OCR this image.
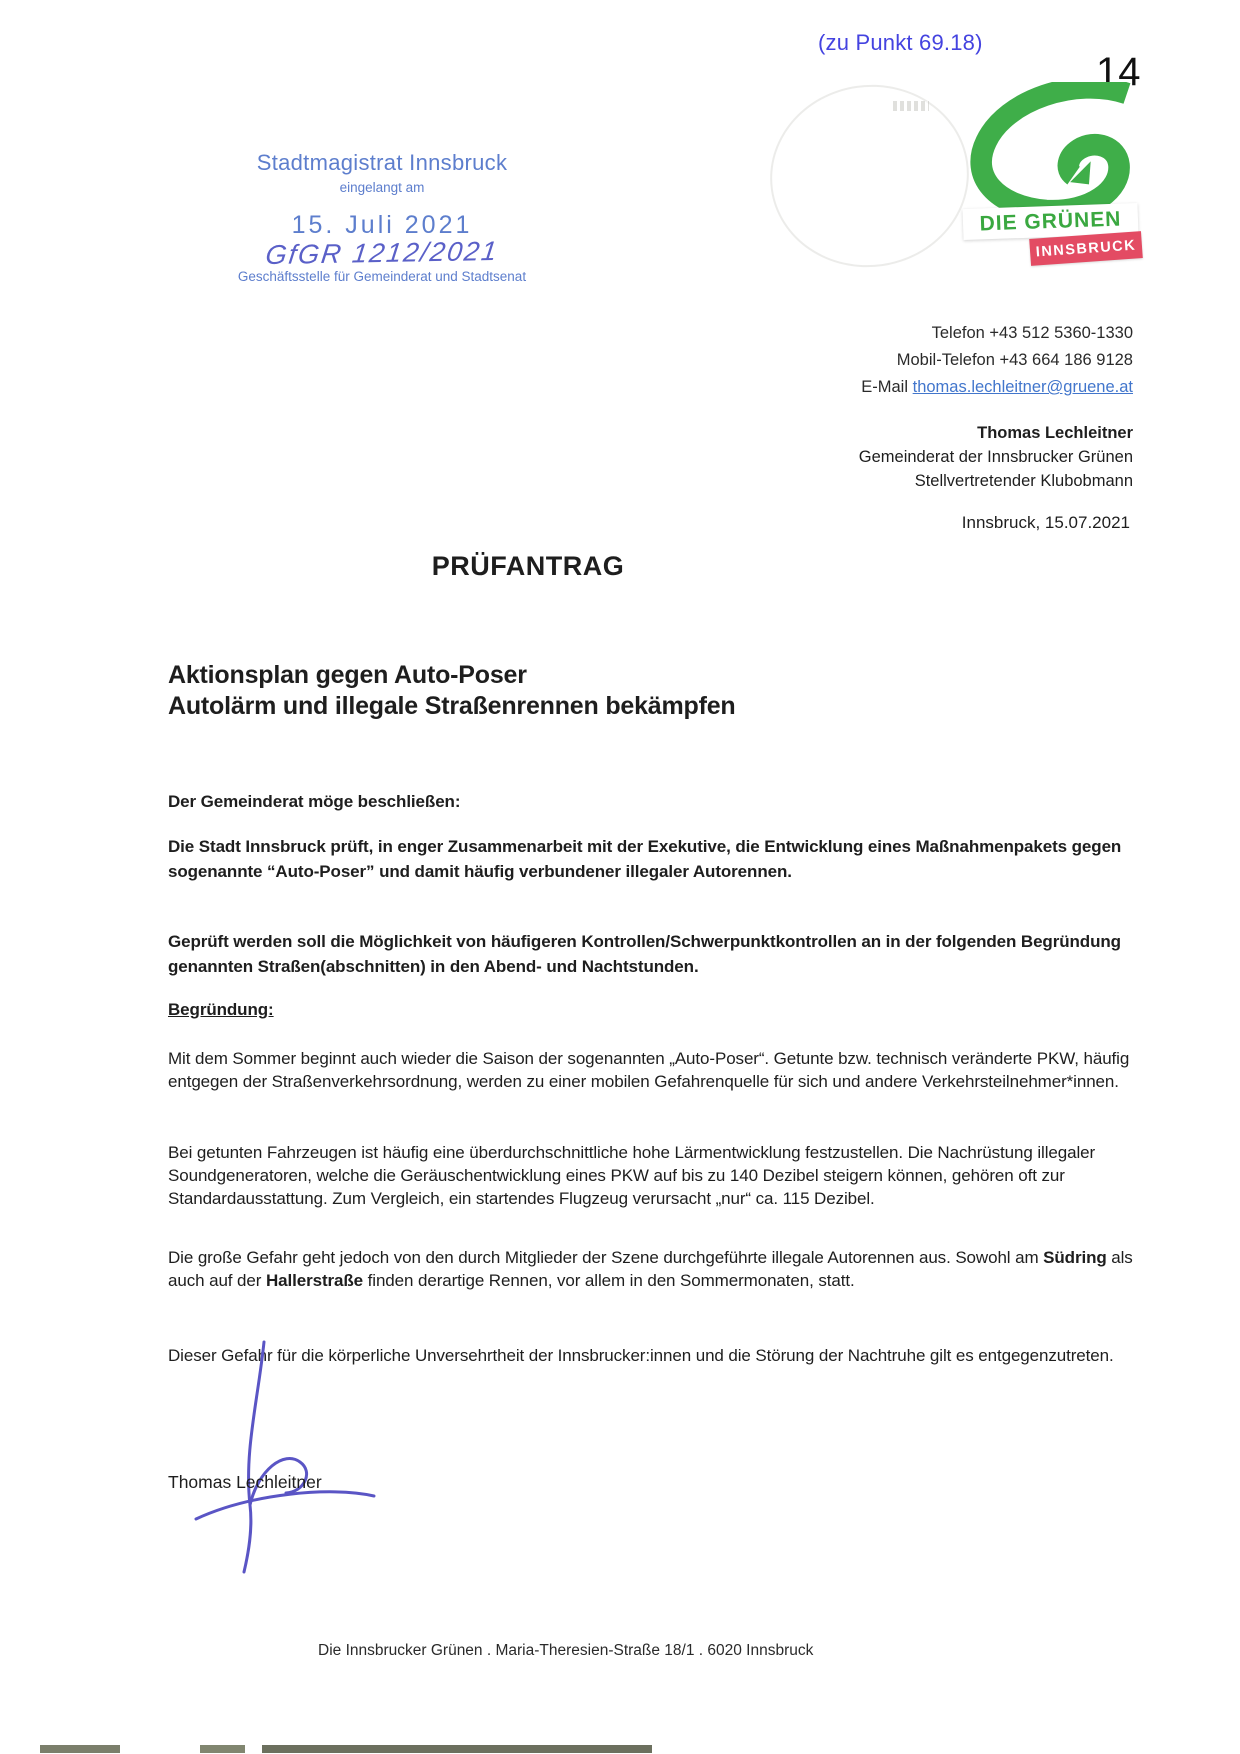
(zu Punkt 69.18)
14
Stadtmagistrat Innsbruck
eingelangt am
15. Juli 2021
GfGR 1212/2021
Geschäftsstelle für Gemeinderat und Stadtsenat
DIE GRÜNEN
INNSBRUCK
Telefon +43 512 5360-1330
Mobil-Telefon +43 664 186 9128
E-Mail thomas.lechleitner@gruene.at
Thomas Lechleitner
Gemeinderat der Innsbrucker Grünen
Stellvertretender Klubobmann
Innsbruck, 15.07.2021
PRÜFANTRAG
Aktionsplan gegen Auto-Poser
Autolärm und illegale Straßenrennen bekämpfen
Der Gemeinderat möge beschließen:
Die Stadt Innsbruck prüft, in enger Zusammenarbeit mit der Exekutive, die Entwicklung eines Maßnahmenpakets gegen sogenannte “Auto-Poser” und damit häufig verbundener illegaler Autorennen.
Geprüft werden soll die Möglichkeit von häufigeren Kontrollen/Schwerpunktkontrollen an in der folgenden Begründung genannten Straßen(abschnitten) in den Abend- und Nachtstunden.
Begründung:
Mit dem Sommer beginnt auch wieder die Saison der sogenannten „Auto-Poser“. Getunte bzw. technisch veränderte PKW, häufig entgegen der Straßenverkehrsordnung, werden zu einer mobilen Gefahrenquelle für sich und andere Verkehrsteilnehmer*innen.
Bei getunten Fahrzeugen ist häufig eine überdurchschnittliche hohe Lärmentwicklung festzustellen. Die Nachrüstung illegaler Soundgeneratoren, welche die Geräuschentwicklung eines PKW auf bis zu 140 Dezibel steigern können, gehören oft zur Standardausstattung. Zum Vergleich, ein startendes Flugzeug verursacht „nur“ ca. 115 Dezibel.
Die große Gefahr geht jedoch von den durch Mitglieder der Szene durchgeführte illegale Autorennen aus. Sowohl am Südring als auch auf der Hallerstraße finden derartige Rennen, vor allem in den Sommermonaten, statt.
Dieser Gefahr für die körperliche Unversehrtheit der Innsbrucker:innen und die Störung der Nachtruhe gilt es entgegenzutreten.
Thomas Lechleitner
Die Innsbrucker Grünen . Maria-Theresien-Straße 18/1 . 6020 Innsbruck
